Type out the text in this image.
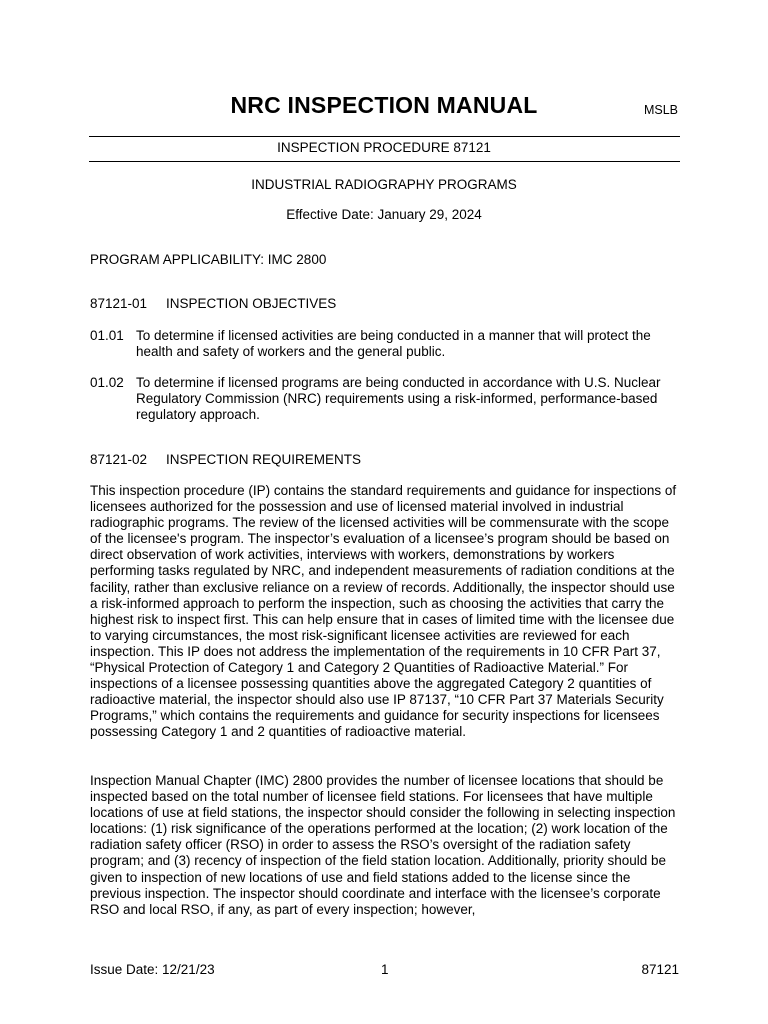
NRC INSPECTION MANUAL	MSLB
INSPECTION PROCEDURE 87121
INDUSTRIAL RADIOGRAPHY PROGRAMS
Effective Date: January 29, 2024
PROGRAM APPLICABILITY: IMC 2800
87121-01 INSPECTION OBJECTIVES
01.01 To determine if licensed activities are being conducted in a manner that will protect the health and safety of workers and the general public.
01.02 To determine if licensed programs are being conducted in accordance with U.S. Nuclear Regulatory Commission (NRC) requirements using a risk-informed, performance-based regulatory approach.
87121-02 INSPECTION REQUIREMENTS
This inspection procedure (IP) contains the standard requirements and guidance for inspections of licensees authorized for the possession and use of licensed material involved in industrial radiographic programs. The review of the licensed activities will be commensurate with the scope of the licensee's program. The inspector’s evaluation of a licensee’s program should be based on direct observation of work activities, interviews with workers, demonstrations by workers performing tasks regulated by NRC, and independent measurements of radiation conditions at the facility, rather than exclusive reliance on a review of records. Additionally, the inspector should use a risk-informed approach to perform the inspection, such as choosing the activities that carry the highest risk to inspect first. This can help ensure that in cases of limited time with the licensee due to varying circumstances, the most risk-significant licensee activities are reviewed for each inspection. This IP does not address the implementation of the requirements in 10 CFR Part 37, “Physical Protection of Category 1 and Category 2 Quantities of Radioactive Material.” For inspections of a licensee possessing quantities above the aggregated Category 2 quantities of radioactive material, the inspector should also use IP 87137, “10 CFR Part 37 Materials Security Programs,” which contains the requirements and guidance for security inspections for licensees possessing Category 1 and 2 quantities of radioactive material.
Inspection Manual Chapter (IMC) 2800 provides the number of licensee locations that should be inspected based on the total number of licensee field stations. For licensees that have multiple locations of use at field stations, the inspector should consider the following in selecting inspection locations: (1) risk significance of the operations performed at the location; (2) work location of the radiation safety officer (RSO) in order to assess the RSO’s oversight of the radiation safety program; and (3) recency of inspection of the field station location. Additionally, priority should be given to inspection of new locations of use and field stations added to the license since the previous inspection. The inspector should coordinate and interface with the licensee’s corporate RSO and local RSO, if any, as part of every inspection; however,
Issue Date: 12/21/23	1	87121
